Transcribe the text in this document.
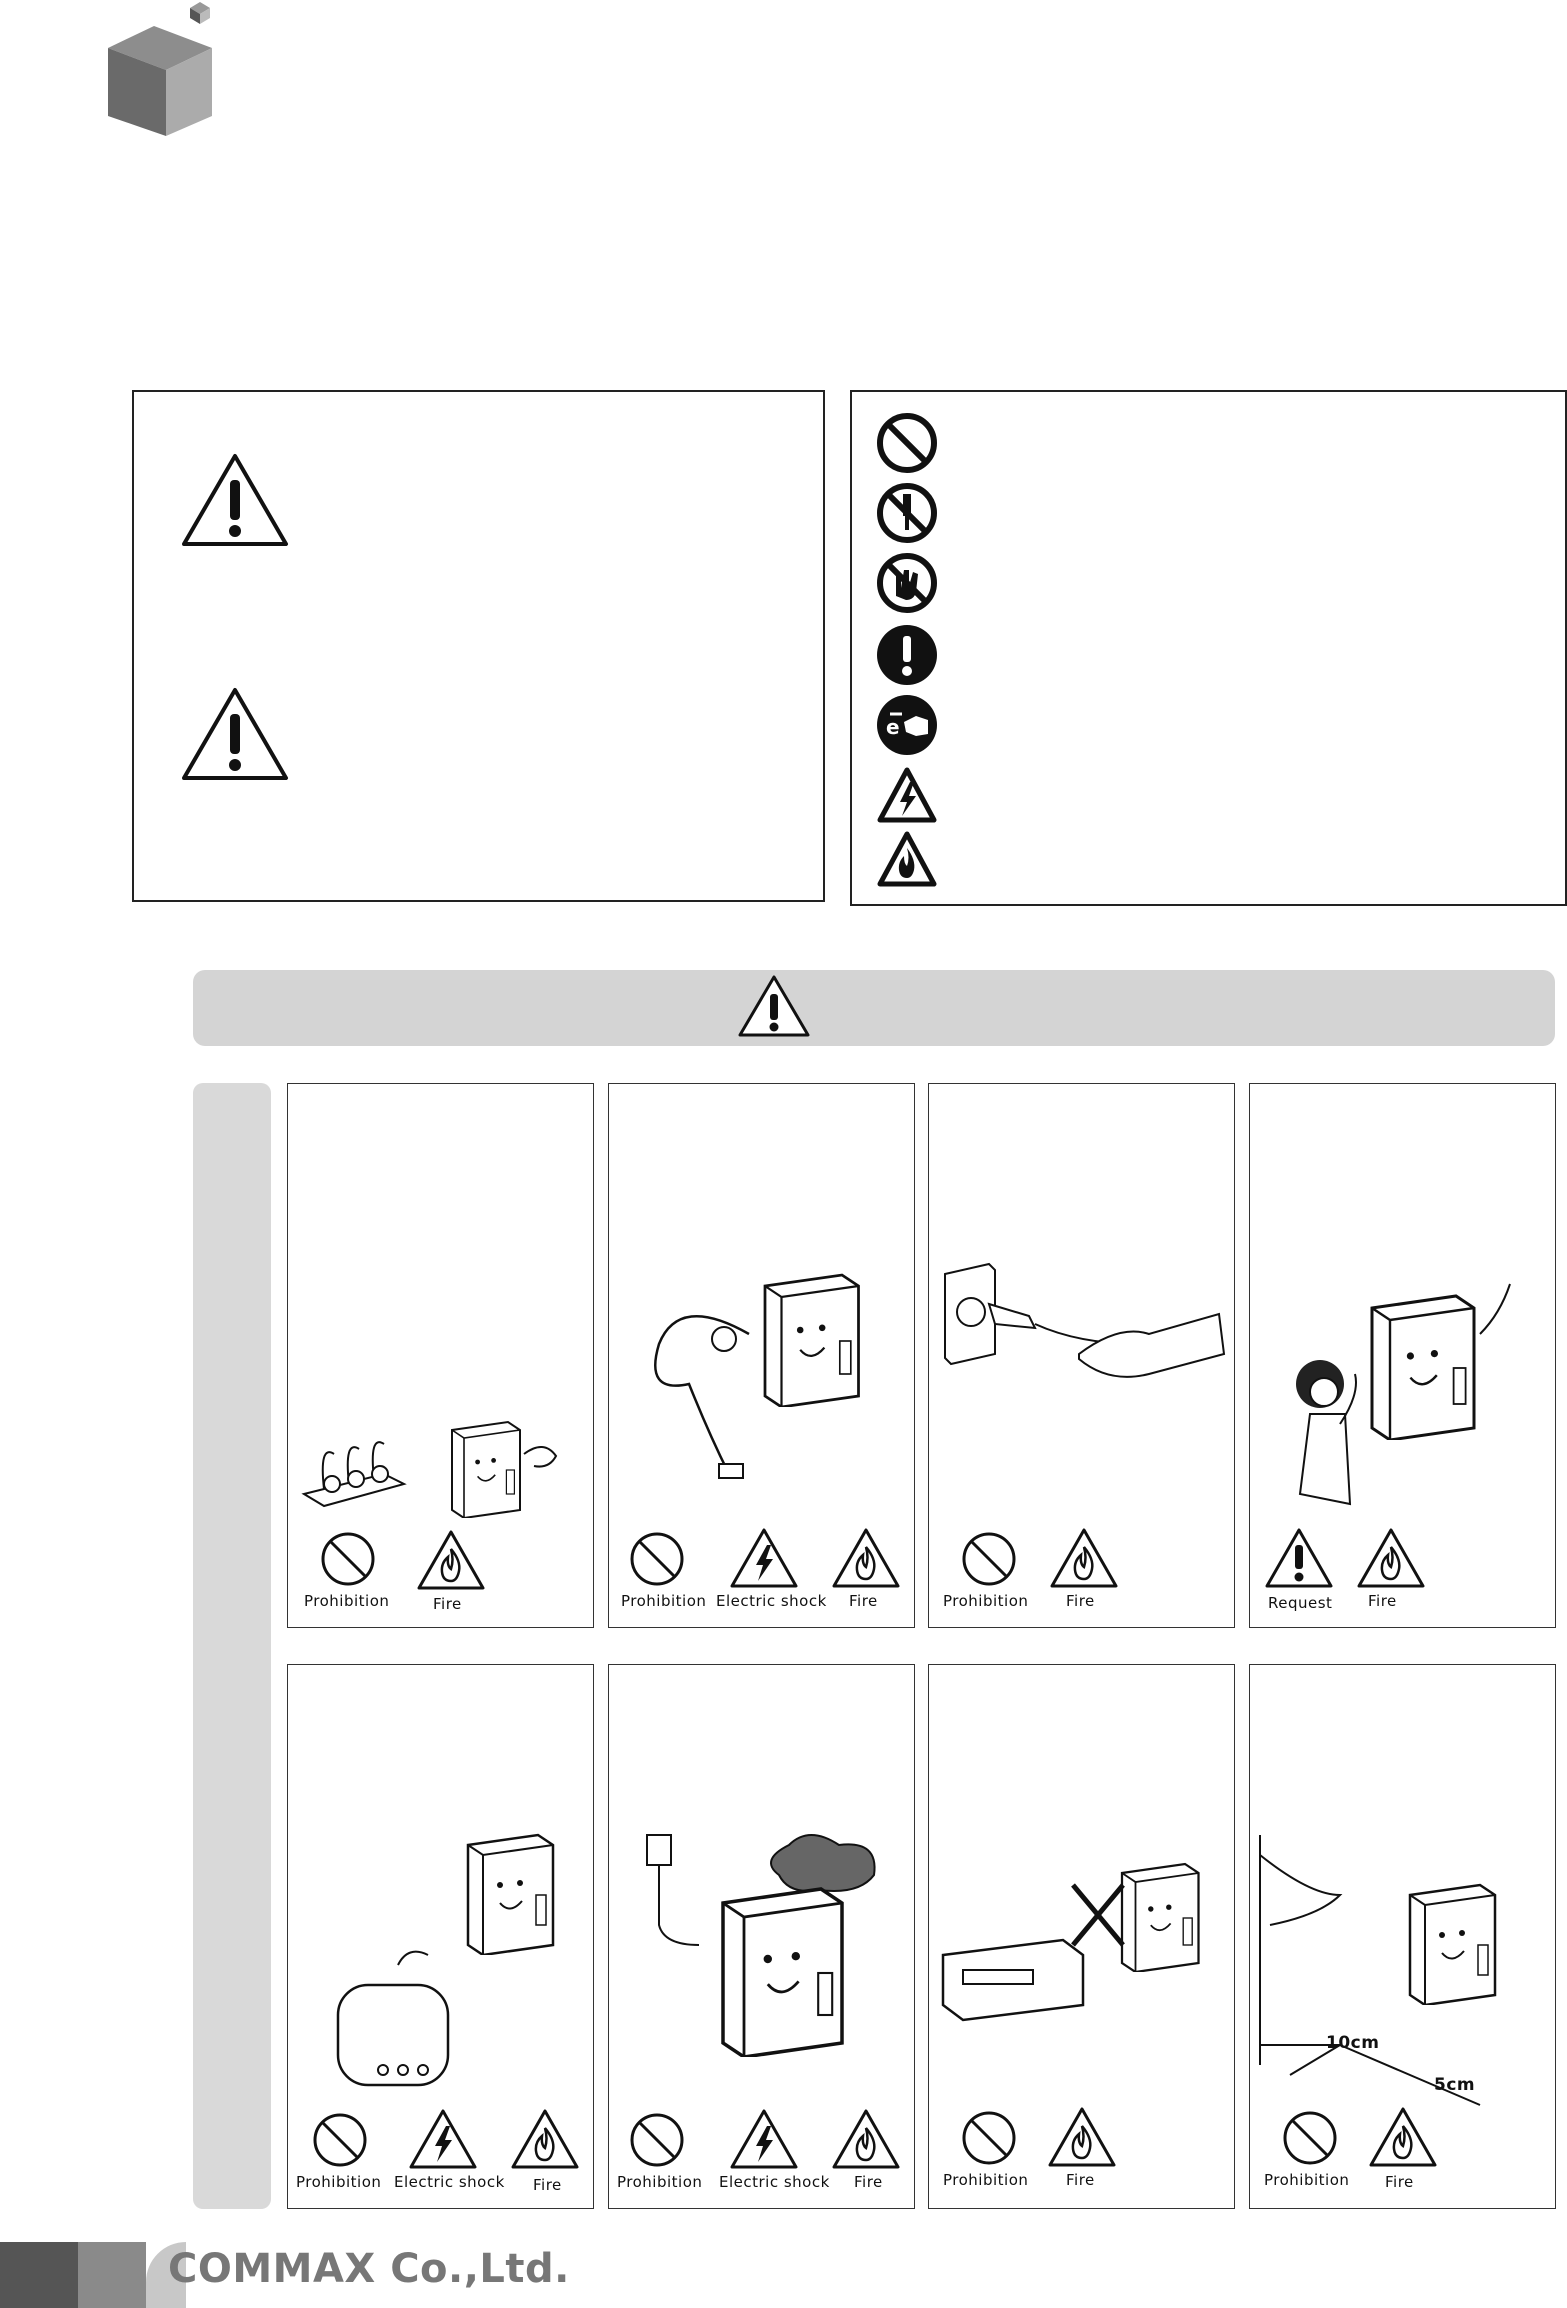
e
Prohibition	Fire	Prohibition Electric shock Fire	Prohibition	Fire	Request Fire
Prohibition Electric shock Fire	Prohibition Electric shock Fire	Prohibition	Fire
10cm
5cm
Prohibition Fire
COMMAX Co.,Ltd.
